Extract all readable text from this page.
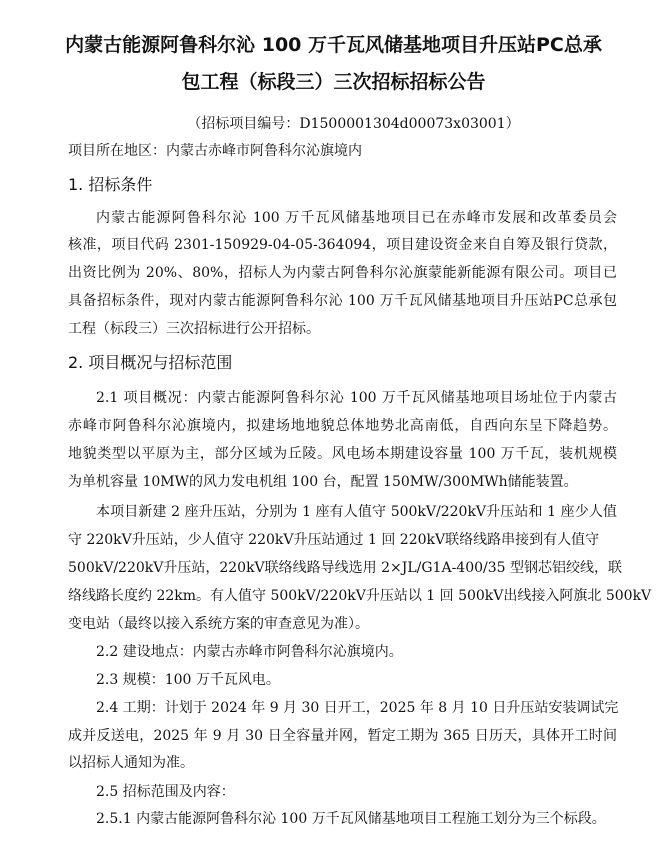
内蒙古能源阿鲁科尔沁 100 万千瓦风储基地项目升压站PC总承
包工程（标段三）三次招标招标公告
（招标项目编号：D1500001304d00073x03001）
项目所在地区：内蒙古赤峰市阿鲁科尔沁旗境内
1. 招标条件
内蒙古能源阿鲁科尔沁 100 万千瓦风储基地项目已在赤峰市发展和改革委员会
核准，项目代码 2301-150929-04-05-364094，项目建设资金来自自筹及银行贷款，
出资比例为 20%、80%，招标人为内蒙古阿鲁科尔沁旗蒙能新能源有限公司。项目已
具备招标条件，现对内蒙古能源阿鲁科尔沁 100 万千瓦风储基地项目升压站PC总承包
工程（标段三）三次招标进行公开招标。
2. 项目概况与招标范围
2.1 项目概况：内蒙古能源阿鲁科尔沁 100 万千瓦风储基地项目场址位于内蒙古
赤峰市阿鲁科尔沁旗境内，拟建场地地貌总体地势北高南低，自西向东呈下降趋势。
地貌类型以平原为主，部分区域为丘陵。风电场本期建设容量 100 万千瓦，装机规模
为单机容量 10MW的风力发电机组 100 台，配置 150MW/300MWh储能装置。
本项目新建 2 座升压站，分别为 1 座有人值守 500kV/220kV升压站和 1 座少人值
守 220kV升压站，少人值守 220kV升压站通过 1 回 220kV联络线路串接到有人值守
500kV/220kV升压站，220kV联络线路导线选用 2×JL/G1A-400/35 型钢芯铝绞线，联
络线路长度约 22km。有人值守 500kV/220kV升压站以 1 回 500kV出线接入阿旗北 500kV
变电站（最终以接入系统方案的审查意见为准）。
2.2 建设地点：内蒙古赤峰市阿鲁科尔沁旗境内。
2.3 规模：100 万千瓦风电。
2.4 工期：计划于 2024 年 9 月 30 日开工，2025 年 8 月 10 日升压站安装调试完
成并反送电，2025 年 9 月 30 日全容量并网，暂定工期为 365 日历天，具体开工时间
以招标人通知为准。
2.5 招标范围及内容：
2.5.1 内蒙古能源阿鲁科尔沁 100 万千瓦风储基地项目工程施工划分为三个标段。
